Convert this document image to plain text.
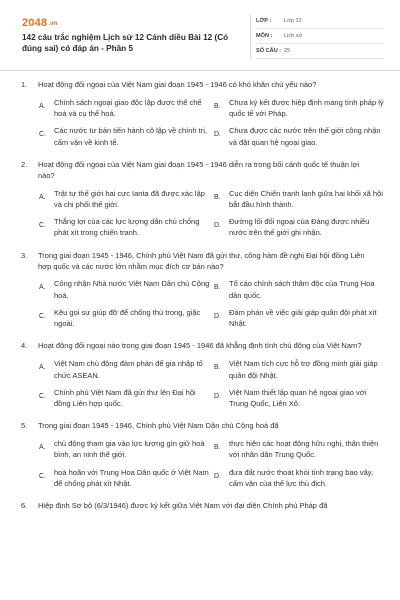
2048.vn
142 câu trắc nghiệm Lịch sử 12 Cánh diều Bài 12 (Có đúng sai) có đáp án - Phần 5
LỚP : Lớp 12
MÔN : Lịch sử
SỐ CÂU : 25
1. Hoạt động đối ngoại của Việt Nam giai đoạn 1945 - 1946 có khó khăn chủ yếu nào?
A. Chính sách ngoại giao độc lập được thể chế hoá và cụ thể hoá.
B. Chưa ký kết được hiệp định mang tính pháp lý quốc tế với Pháp.
C. Các nước tư bản tiến hành cô lập về chính trị, cấm vận về kinh tế.
D. Chưa được các nước trên thế giới công nhận và đặt quan hệ ngoại giao.
2. Hoạt động đối ngoại của Việt Nam giai đoạn 1945 - 1946 diễn ra trong bối cảnh quốc tế thuận lợi nào?
A. Trật tự thế giới hai cực Ianta đã được xác lập và chi phối thế giới.
B. Cục diện Chiến tranh lạnh giữa hai khối xã hội bắt đầu hình thành.
C. Thắng lợi của các lực lượng dân chủ chống phát xít trong chiến tranh.
D. Đường lối đối ngoại của Đảng được nhiều nước trên thế giới ghi nhận.
3. Trong giai đoạn 1945 - 1946, Chính phủ Việt Nam đã gửi thư, công hàm đề nghị Đại hội đồng Liên hợp quốc và các nước lớn nhằm mục đích cơ bản nào?
A. Công nhận Nhà nước Việt Nam Dân chủ Cộng hoà.
B. Tố cáo chính sách thâm độc của Trung Hoa dân quốc.
C. Kêu gọi sự giúp đỡ để chống thù trong, giặc ngoài.
D. Đàm phán về việc giải giáp quân đội phát xít Nhật.
4. Hoạt động đối ngoại nào trong giai đoạn 1945 - 1946 đã khẳng định tính chủ động của Việt Nam?
A. Việt Nam chủ động đàm phán để gia nhập tổ chức ASEAN.
B. Việt Nam tích cực hỗ trợ đồng minh giải giáp quân đội Nhật.
C. Chính phủ Việt Nam đã gửi thư lên Đại hội đồng Liên hợp quốc.
D. Việt Nam thiết lập quan hệ ngoại giao với Trung Quốc, Liên Xô.
5. Trong giai đoạn 1945 - 1946, Chính phủ Việt Nam Dân chủ Cộng hoà đã
A. chủ động tham gia vào lực lượng gìn giữ hoà bình, an ninh thế giới.
B. thực hiện các hoạt động hữu nghị, thân thiện với nhân dân Trung Quốc.
C. hoà hoãn với Trung Hoa Dân quốc ở Việt Nam để chống phát xít Nhật.
D. đưa đất nước thoát khỏi tình trạng bao vây, cấm vận của thế lực thù địch.
6. Hiệp định Sơ bộ (6/3/1946) được ký kết giữa Việt Nam với đại diện Chính phủ Pháp đã
